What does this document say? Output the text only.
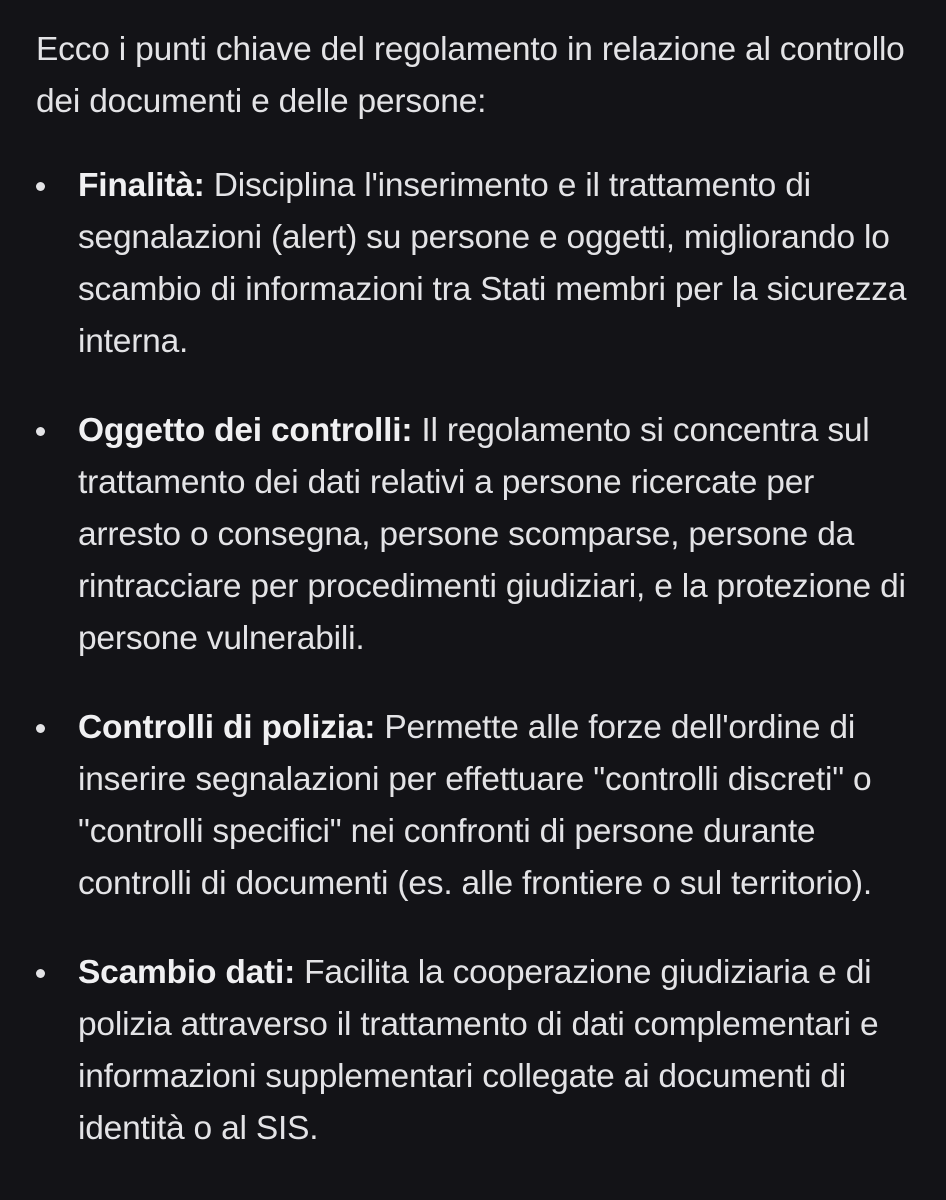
Ecco i punti chiave del regolamento in relazione al controllo dei documenti e delle persone:

Finalità: Disciplina l'inserimento e il trattamento di segnalazioni (alert) su persone e oggetti, migliorando lo scambio di informazioni tra Stati membri per la sicurezza interna.
Oggetto dei controlli: Il regolamento si concentra sul trattamento dei dati relativi a persone ricercate per arresto o consegna, persone scomparse, persone da rintracciare per procedimenti giudiziari, e la protezione di persone vulnerabili.
Controlli di polizia: Permette alle forze dell'ordine di inserire segnalazioni per effettuare "controlli discreti" o "controlli specifici" nei confronti di persone durante controlli di documenti (es. alle frontiere o sul territorio).
Scambio dati: Facilita la cooperazione giudiziaria e di polizia attraverso il trattamento di dati complementari e informazioni supplementari collegate ai documenti di identità o al SIS.
